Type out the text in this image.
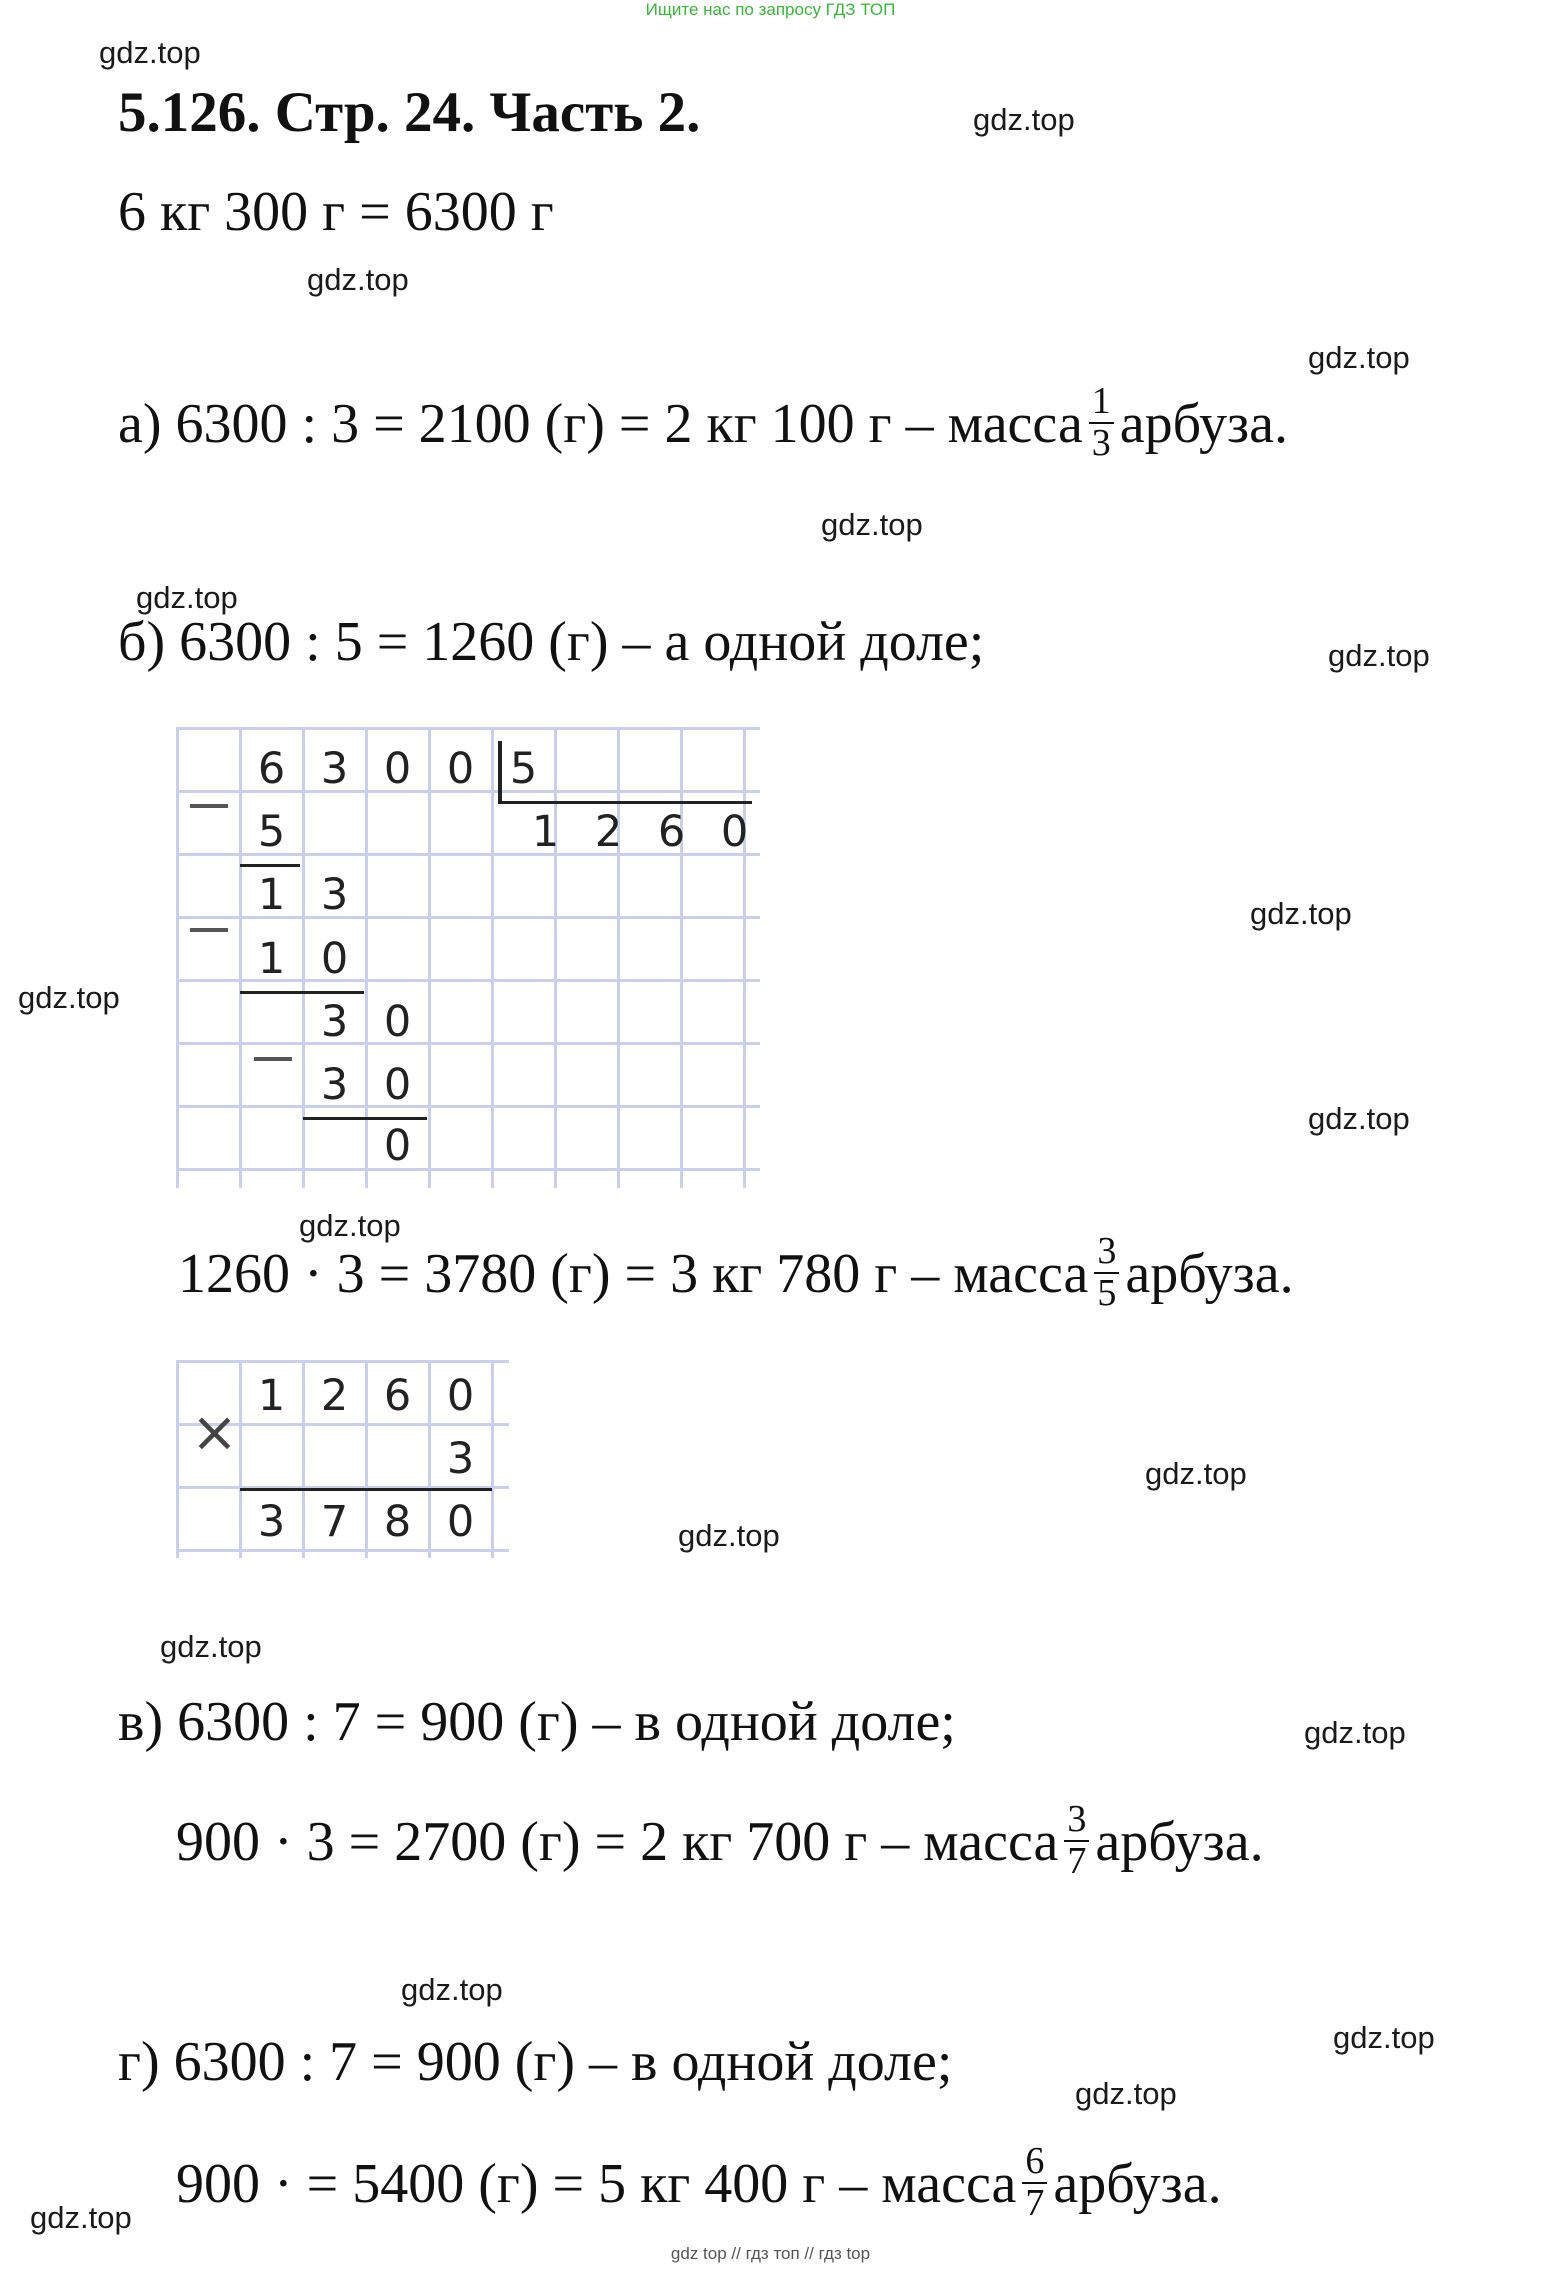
Ищите нас по запросу ГДЗ ТОП
gdz.top
gdz.top
gdz.top
gdz.top
gdz.top
gdz.top
gdz.top
gdz.top
gdz.top
gdz.top
gdz.top
gdz.top
gdz.top
gdz.top
gdz.top
gdz.top
gdz.top
gdz.top
gdz.top
5.126. Стр. 24. Часть 2.
6 кг 300 г = 6300 г
а) 6300 : 3 = 2100 (г) = 2 кг 100 г – масса $\frac{1}{3}$ арбуза.
б) 6300 : 5 = 1260 (г) – а одной доле;
6 3 0 0 5
5	1 2 6 0
1 3
1 0
3 0
3 0
0
1260 · 3 = 3780 (г) = 3 кг 780 г – масса $\frac{3}{5}$ арбуза.
×
1 2 6 0
3
3 7 8 0
в) 6300 : 7 = 900 (г) – в одной доле;
900 · 3 = 2700 (г) = 2 кг 700 г – масса $\frac{3}{7}$ арбуза.
г) 6300 : 7 = 900 (г) – в одной доле;
900 · = 5400 (г) = 5 кг 400 г – масса $\frac{6}{7}$ арбуза.
gdz top // гдз топ // гдз top
